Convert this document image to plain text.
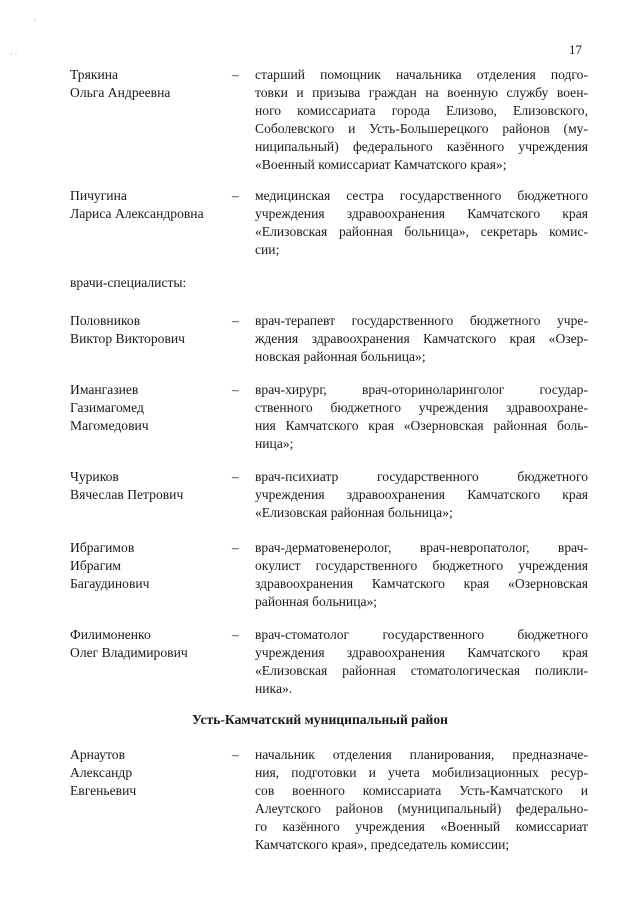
'
· ·	17
Трякина
Ольга Андреевна
– старший помощник начальника отделения подго-
товки и призыва граждан на военную службу воен-
ного комиссариата города Елизово, Елизовского,
Соболевского и Усть-Большерецкого районов (му-
ниципальный) федерального казённого учреждения
«Военный комиссариат Камчатского края»;
Пичугина
Лариса Александровна
– медицинская сестра государственного бюджетного
учреждения здравоохранения Камчатского края
«Елизовская районная больница», секретарь комис-
сии;
врачи-специалисты:
Половников
Виктор Викторович
– врач-терапевт государственного бюджетного учре-
ждения здравоохранения Камчатского края «Озер-
новская районная больница»;
Имангазиев
Газимагомед
Магомедович
– врач-хирург, врач-оториноларинголог государ-
ственного бюджетного учреждения здравоохране-
ния Камчатского края «Озерновская районная боль-
ница»;
Чуриков
Вячеслав Петрович
– врач-психиатр государственного бюджетного
учреждения здравоохранения Камчатского края
«Елизовская районная больница»;
Ибрагимов
Ибрагим
Багаудинович
– врач-дерматовенеролог, врач-невропатолог, врач-
окулист государственного бюджетного учреждения
здравоохранения Камчатского края «Озерновская
районная больница»;
Филимоненко
Олег Владимирович
– врач-стоматолог государственного бюджетного
учреждения здравоохранения Камчатского края
«Елизовская районная стоматологическая поликли-
ника».
Усть-Камчатский муниципальный район
Арнаутов
Александр
Евгеньевич
– начальник отделения планирования, предназначе-
ния, подготовки и учета мобилизационных ресур-
сов военного комиссариата Усть-Камчатского и
Алеутского районов (муниципальный) федерально-
го казённого учреждения «Военный комиссариат
Камчатского края», председатель комиссии;
